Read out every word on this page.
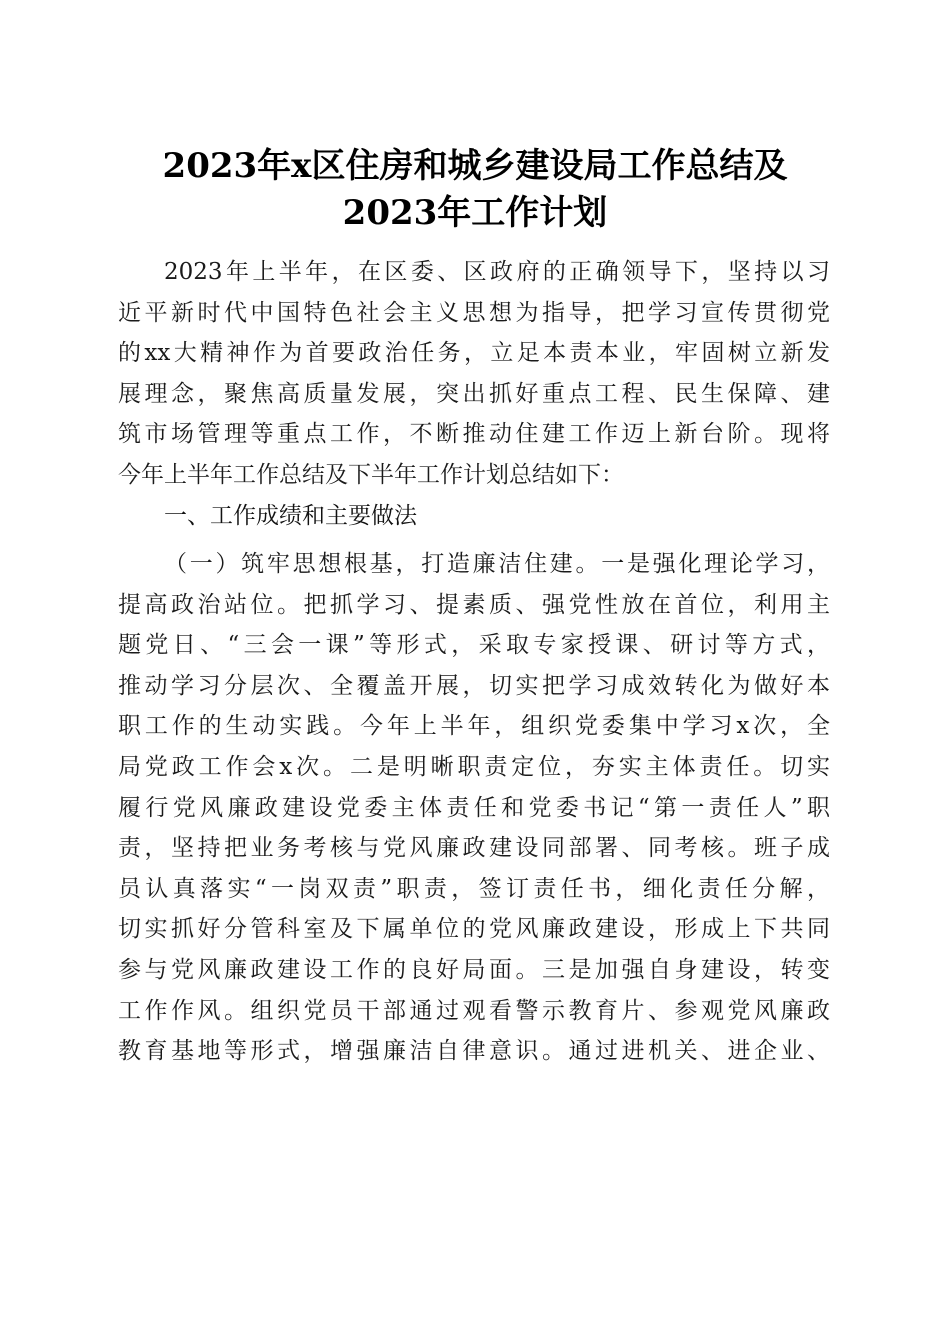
2023年x区住房和城乡建设局工作总结及
2023年工作计划
2023年上半年，在区委、区政府的正确领导下，坚持以习
近平新时代中国特色社会主义思想为指导，把学习宣传贯彻党
的xx大精神作为首要政治任务，立足本责本业，牢固树立新发
展理念，聚焦高质量发展，突出抓好重点工程、民生保障、建
筑市场管理等重点工作，不断推动住建工作迈上新台阶。现将
今年上半年工作总结及下半年工作计划总结如下：
一、工作成绩和主要做法
（一）筑牢思想根基，打造廉洁住建。一是强化理论学习，
提高政治站位。把抓学习、提素质、强党性放在首位，利用主
题党日、“三会一课”等形式，采取专家授课、研讨等方式，
推动学习分层次、全覆盖开展，切实把学习成效转化为做好本
职工作的生动实践。今年上半年，组织党委集中学习x次，全
局党政工作会x次。二是明晰职责定位，夯实主体责任。切实
履行党风廉政建设党委主体责任和党委书记“第一责任人”职
责，坚持把业务考核与党风廉政建设同部署、同考核。班子成
员认真落实“一岗双责”职责，签订责任书，细化责任分解，
切实抓好分管科室及下属单位的党风廉政建设，形成上下共同
参与党风廉政建设工作的良好局面。三是加强自身建设，转变
工作作风。组织党员干部通过观看警示教育片、参观党风廉政
教育基地等形式，增强廉洁自律意识。通过进机关、进企业、
